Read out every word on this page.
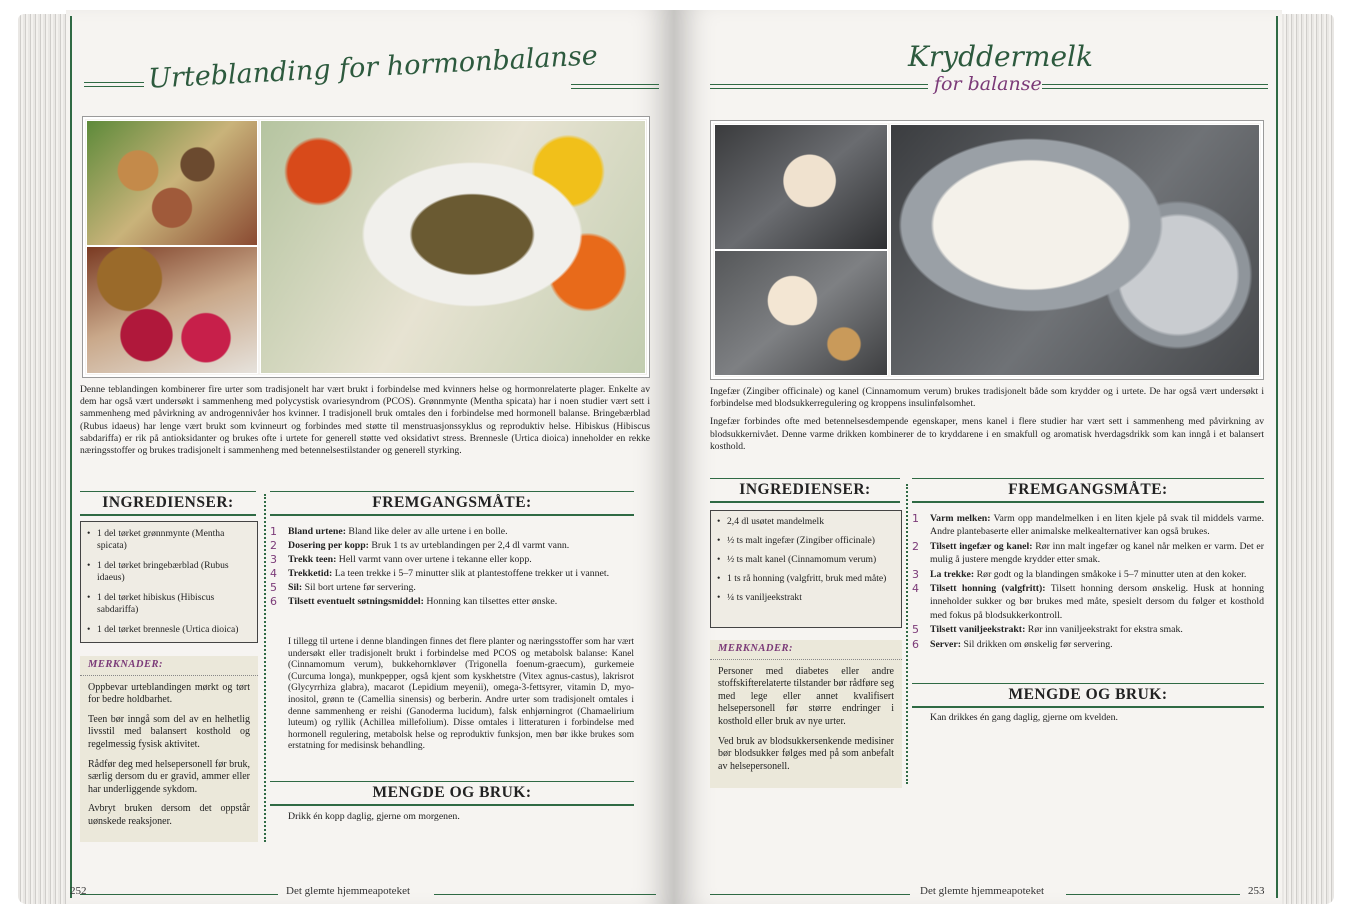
Urteblanding for hormonbalanse

Denne teblandingen kombinerer fire urter som tradisjonelt har vært brukt i forbindelse med kvinners helse og hormonrelaterte plager. Enkelte av dem har også vært undersøkt i sammenheng med polycystisk ovariesyndrom (PCOS). Grønnmynte (Mentha spicata) har i noen studier vært sett i sammenheng med påvirkning av androgennivåer hos kvinner. I tradisjonell bruk omtales den i forbindelse med hormonell balanse. Bringebærblad (Rubus idaeus) har lenge vært brukt som kvinneurt og forbindes med støtte til menstruasjonssyklus og reproduktiv helse. Hibiskus (Hibiscus sabdariffa) er rik på antioksidanter og brukes ofte i urtete for generell støtte ved oksidativt stress. Brennesle (Urtica dioica) inneholder en rekke næringsstoffer og brukes tradisjonelt i sammenheng med betennelsestilstander og generell styrking.

INGREDIENSER:
• 1 del tørket grønnmynte (Mentha spicata)
• 1 del tørket bringebærblad (Rubus idaeus)
• 1 del tørket hibiskus (Hibiscus sabdariffa)
• 1 del tørket brennesle (Urtica dioica)
MERKNADER:

Oppbevar urteblandingen mørkt og tørt for bedre holdbarhet.

Teen bør inngå som del av en helhetlig livsstil med balansert kosthold og regelmessig fysisk aktivitet.

Rådfør deg med helsepersonell før bruk, særlig dersom du er gravid, ammer eller har underliggende sykdom.

Avbryt bruken dersom det oppstår uønskede reaksjoner.

FREMGANGSMÅTE:
1	Bland urtene: Bland like deler av alle urtene i en bolle.
2	Dosering per kopp: Bruk 1 ts av urteblandingen per 2,4 dl varmt vann.
3	Trekk teen: Hell varmt vann over urtene i tekanne eller kopp.
4	Trekketid: La teen trekke i 5–7 minutter slik at plantestoffene trekker ut i vannet.
5	Sil: Sil bort urtene før servering.
6	Tilsett eventuelt søtningsmiddel: Honning kan tilsettes etter ønske.
I tillegg til urtene i denne blandingen finnes det flere planter og næringsstoffer som har vært undersøkt eller tradisjonelt brukt i forbindelse med PCOS og metabolsk balanse: Kanel (Cinnamomum verum), bukkehornkløver (Trigonella foenum-graecum), gurkemeie (Curcuma longa), munkpepper, også kjent som kyskhetstre (Vitex agnus-castus), lakrisrot (Glycyrrhiza glabra), macarot (Lepidium meyenii), omega-3-fettsyrer, vitamin D, myo-inositol, grønn te (Camellia sinensis) og berberin. Andre urter som tradisjonelt omtales i denne sammenheng er reishi (Ganoderma lucidum), falsk enhjørningrot (Chamaelirium luteum) og ryllik (Achillea millefolium). Disse omtales i litteraturen i forbindelse med hormonell regulering, metabolsk helse og reproduktiv funksjon, men bør ikke brukes som erstatning for medisinsk behandling.
MENGDE OG BRUK:
Drikk én kopp daglig, gjerne om morgenen.
252	Det glemte hjemmeapoteket
Kryddermelk
for balanse

Ingefær (Zingiber officinale) og kanel (Cinnamomum verum) brukes tradisjonelt både som krydder og i urtete. De har også vært undersøkt i forbindelse med blodsukkerregulering og kroppens insulinfølsomhet.

Ingefær forbindes ofte med betennelsesdempende egenskaper, mens kanel i flere studier har vært sett i sammenheng med påvirkning av blodsukkernivået. Denne varme drikken kombinerer de to kryddarene i en smakfull og aromatisk hverdagsdrikk som kan inngå i et balansert kosthold.

INGREDIENSER:
• 2,4 dl usøtet mandelmelk
• ½ ts malt ingefær (Zingiber officinale)
• ½ ts malt kanel (Cinnamomum verum)
• 1 ts rå honning (valgfritt, bruk med måte)
• ¼ ts vaniljeekstrakt
MERKNADER:

Personer med diabetes eller andre stoffskifterelaterte tilstander bør rådføre seg med lege eller annet kvalifisert helsepersonell før større endringer i kosthold eller bruk av nye urter.

Ved bruk av blodsukkersenkende medisiner bør blodsukker følges med på som anbefalt av helsepersonell.

FREMGANGSMÅTE:
1	Varm melken: Varm opp mandelmelken i en liten kjele på svak til middels varme. Andre plantebaserte eller animalske melkealternativer kan også brukes.
2	Tilsett ingefær og kanel: Rør inn malt ingefær og kanel når melken er varm. Det er mulig å justere mengde krydder etter smak.
3	La trekke: Rør godt og la blandingen småkoke i 5–7 minutter uten at den koker.
4	Tilsett honning (valgfritt): Tilsett honning dersom ønskelig. Husk at honning inneholder sukker og bør brukes med måte, spesielt dersom du følger et kosthold med fokus på blodsukkerkontroll.
5	Tilsett vaniljeekstrakt: Rør inn vaniljeekstrakt for ekstra smak.
6	Server: Sil drikken om ønskelig før servering.
MENGDE OG BRUK:
Kan drikkes én gang daglig, gjerne om kvelden.
Det glemte hjemmeapoteket	253
